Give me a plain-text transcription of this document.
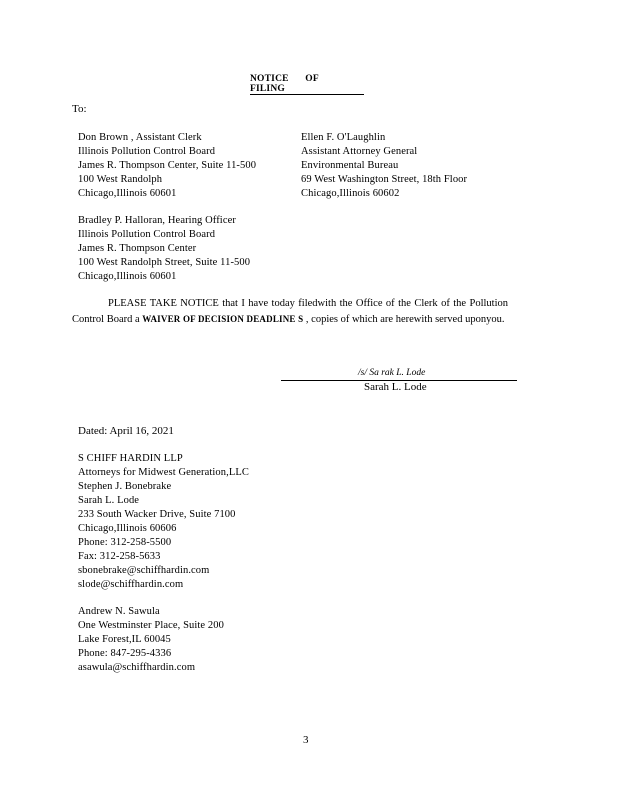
NOTICE OF FILING
To:
Don Brown , Assistant Clerk
Illinois Pollution Control Board
James R. Thompson Center, Suite 11-500
100 West Randolph
Chicago,Illinois 60601
Ellen F. O'Laughlin
Assistant Attorney General
Environmental Bureau
69 West Washington Street, 18th Floor
Chicago,Illinois 60602
Bradley P. Halloran, Hearing Officer
Illinois Pollution Control Board
James R. Thompson Center
100 West Randolph Street, Suite 11-500
Chicago,Illinois 60601
PLEASE TAKE NOTICE that I have today filedwith the Office of the Clerk of the Pollution Control Board a WAIVER OF DECISION DEADLINE S , copies of which are herewith served uponyou.
/s/ Sa rak L. Lode
Sarah L. Lode
Dated: April 16, 2021
S CHIFF HARDIN LLP
Attorneys for Midwest Generation,LLC
Stephen J. Bonebrake
Sarah L. Lode
233 South Wacker Drive, Suite 7100
Chicago,Illinois 60606
Phone: 312-258-5500
Fax: 312-258-5633
sbonebrake@schiffhardin.com
slode@schiffhardin.com
Andrew N. Sawula
One Westminster Place, Suite 200
Lake Forest,IL 60045
Phone: 847-295-4336
asawula@schiffhardin.com
3
